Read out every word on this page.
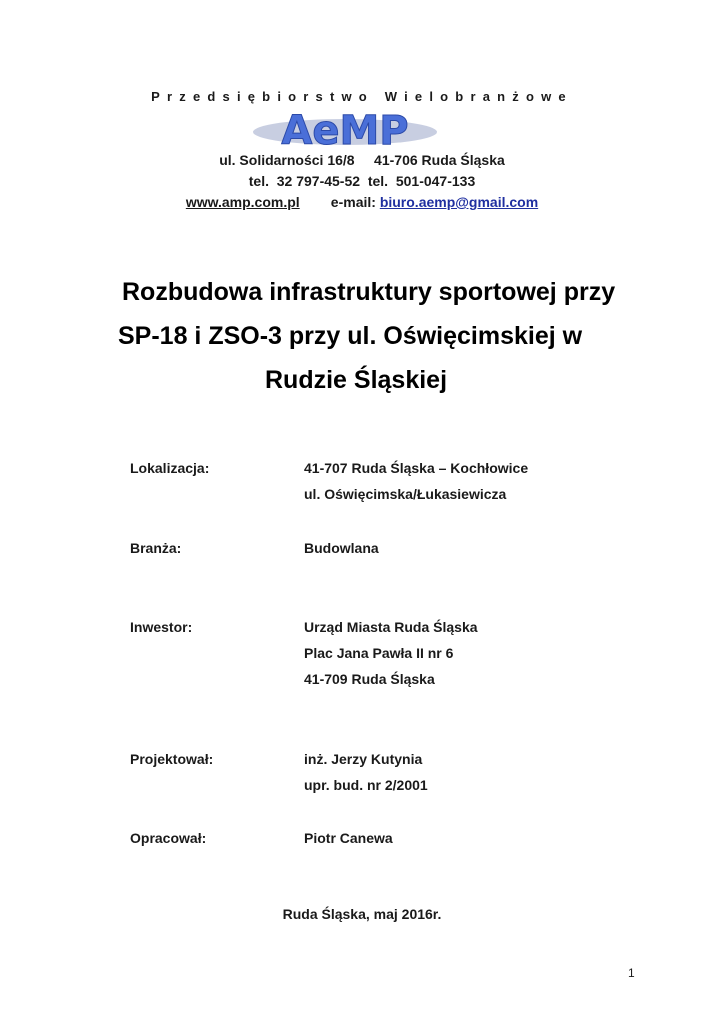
Przedsiębiorstwo Wielobranżowe
AeMP
ul. Solidarności 16/8 41-706 Ruda Śląska
tel.  32 797-45-52 tel.  501-047-133
www.amp.com.pl e-mail: biuro.aemp@gmail.com
Rozbudowa infrastruktury sportowej przy
SP-18 i ZSO-3 przy ul. Oświęcimskiej w
Rudzie Śląskiej
Lokalizacja:	41-707 Ruda Śląska – Kochłowice
ul. Oświęcimska/Łukasiewicza
Branża:	Budowlana
Inwestor:	Urząd Miasta Ruda Śląska
Plac Jana Pawła II nr 6
41-709 Ruda Śląska
Projektował:	inż. Jerzy Kutynia
upr. bud. nr 2/2001
Opracował:	Piotr Canewa
Ruda Śląska, maj 2016r.
1
